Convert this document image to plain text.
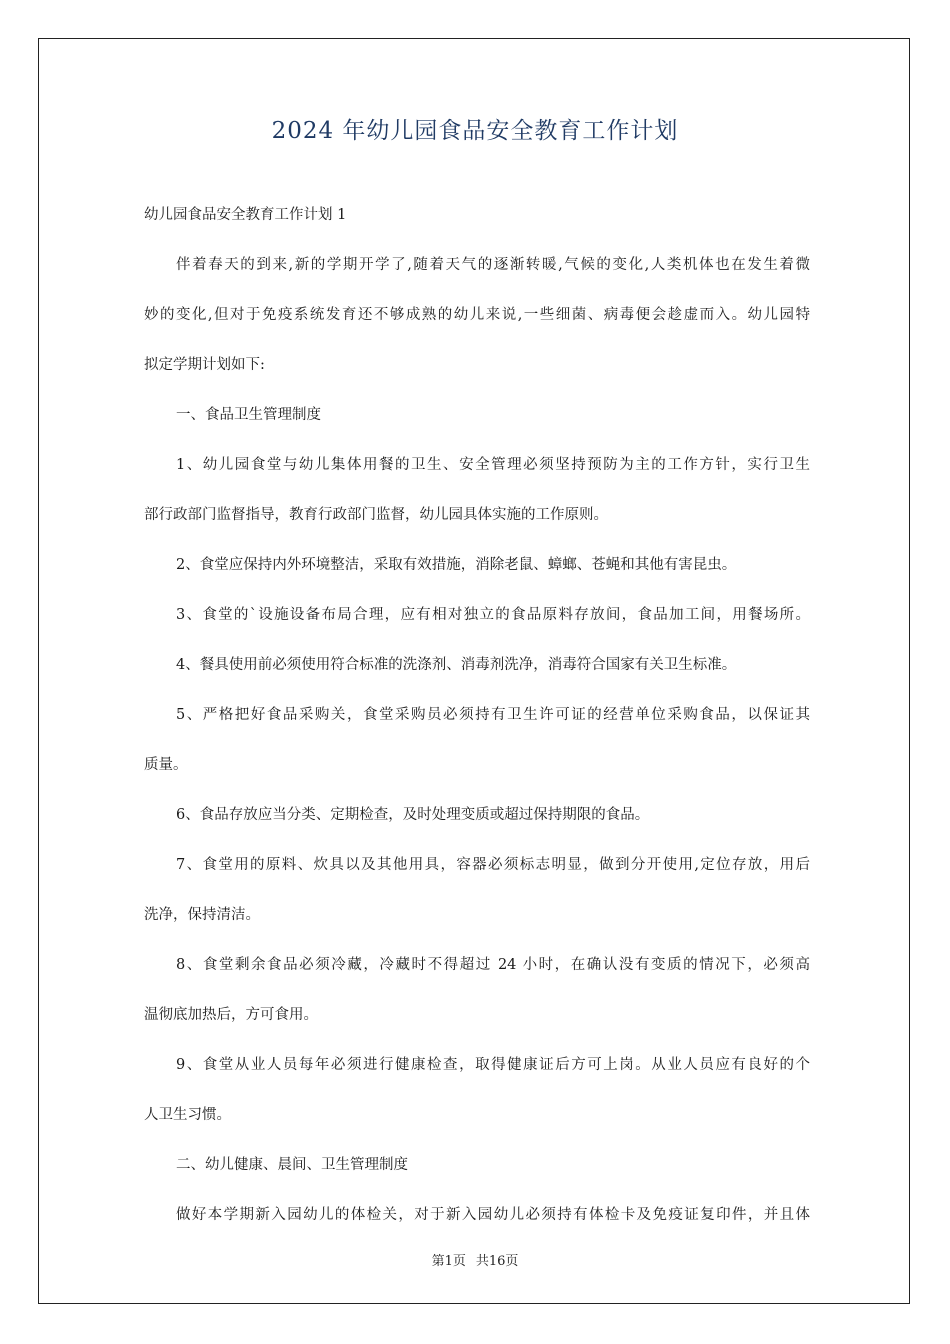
2024 年幼儿园食品安全教育工作计划

幼儿园食品安全教育工作计划 1

伴着春天的到来,新的学期开学了,随着天气的逐渐转暖,气候的变化,人类机体也在发生着微

妙的变化,但对于免疫系统发育还不够成熟的幼儿来说,一些细菌、病毒便会趁虚而入。幼儿园特

拟定学期计划如下:

一、食品卫生管理制度

1、幼儿园食堂与幼儿集体用餐的卫生、安全管理必须坚持预防为主的工作方针，实行卫生

部行政部门监督指导，教育行政部门监督，幼儿园具体实施的工作原则。

2、食堂应保持内外环境整洁，采取有效措施，消除老鼠、蟑螂、苍蝇和其他有害昆虫。

3、食堂的`设施设备布局合理，应有相对独立的食品原料存放间，食品加工间，用餐场所。

4、餐具使用前必须使用符合标准的洗涤剂、消毒剂洗净，消毒符合国家有关卫生标准。

5、严格把好食品采购关，食堂采购员必须持有卫生许可证的经营单位采购食品，以保证其

质量。

6、食品存放应当分类、定期检查，及时处理变质或超过保持期限的食品。

7、食堂用的原料、炊具以及其他用具，容器必须标志明显，做到分开使用,定位存放，用后

洗净，保持清洁。

8、食堂剩余食品必须冷藏，冷藏时不得超过 24 小时，在确认没有变质的情况下，必须高

温彻底加热后，方可食用。

9、食堂从业人员每年必须进行健康检查，取得健康证后方可上岗。从业人员应有良好的个

人卫生习惯。

二、幼儿健康、晨间、卫生管理制度

做好本学期新入园幼儿的体检关，对于新入园幼儿必须持有体检卡及免疫证复印件，并且体

第1页 共16页
